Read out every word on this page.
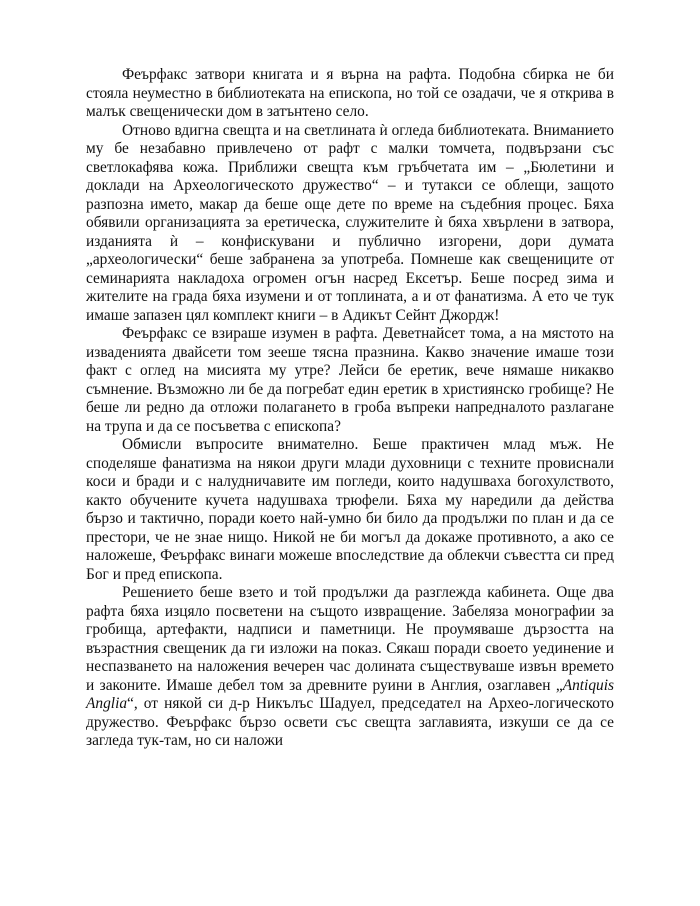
Феърфакс затвори книгата и я върна на рафта. Подобна сбирка не би стояла неуместно в библиотеката на епископа, но той се озадачи, че я открива в малък свещенически дом в затънтено село.

Отново вдигна свещта и на светлината ѝ огледа библиотеката. Вниманието му бе незабавно привлечено от рафт с малки томчета, подвързани със светлокафява кожа. Приближи свещта към гръбчетата им – „Бюлетини и доклади на Археологическото дружество“ – и тутакси се облещи, защото разпозна името, макар да беше още дете по време на съдебния процес. Бяха обявили организацията за еретическа, служителите ѝ бяха хвърлени в затвора, изданията ѝ – конфискувани и публично изгорени, дори думата „археологически“ беше забранена за употреба. Помнеше как свещениците от семинарията накладоха огромен огън насред Ексетър. Беше посред зима и жителите на града бяха изумени и от топлината, а и от фанатизма. А ето че тук имаше запазен цял комплект книги – в Адикът Сейнт Джордж!

Феърфакс се взираше изумен в рафта. Деветнайсет тома, а на мястото на изваденията двайсети том зееше тясна празнина. Какво значение имаше този факт с оглед на мисията му утре? Лейси бе еретик, вече нямаше никакво съмнение. Възможно ли бе да погребат един еретик в християнско гробище? Не беше ли редно да отложи полагането в гроба въпреки напредналото разлагане на трупа и да се посъветва с епископа?

Обмисли въпросите внимателно. Беше практичен млад мъж. Не споделяше фанатизма на някои други млади духовници с техните провиснали коси и бради и с налудничавите им погледи, които надушваха богохулството, както обучените кучета надушваха трюфели. Бяха му наредили да действа бързо и тактично, поради което най-умно би било да продължи по план и да се престори, че не знае нищо. Никой не би могъл да докаже противното, а ако се наложеше, Феърфакс винаги можеше впоследствие да облекчи съвестта си пред Бог и пред епископа.

Решението беше взето и той продължи да разглежда кабинета. Още два рафта бяха изцяло посветени на същото извращение. Забеляза монографии за гробища, артефакти, надписи и паметници. Не проумяваше дързостта на възрастния свещеник да ги изложи на показ. Сякаш поради своето уединение и неспазването на наложения вечерен час долината съществуваше извън времето и законите. Имаше дебел том за древните руини в Англия, озаглавен „Antiquis Anglia“, от някой си д-р Никълъс Шадуел, председател на Архео-логическото дружество. Феърфакс бързо освети със свещта заглавията, изкуши се да се загледа тук-там, но си наложи
